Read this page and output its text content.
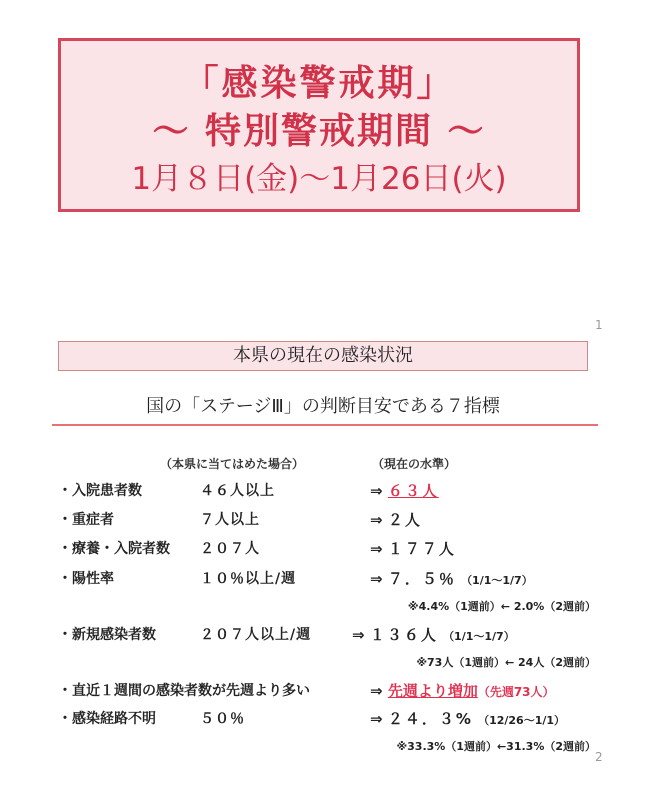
「感染警戒期」
～ 特別警戒期間 ～
1月８日(金)～1月26日(火)
1
本県の現在の感染状況
国の「ステージⅢ」の判断目安である７指標
（本県に当てはめた場合）	（現在の水準）
・入院患者数	４６人以上	⇒ ６３人
・重症者	７人以上	⇒ ２人
・療養・入院者数 ２０７人	⇒ １７７人
・陽性率	１０％以上/週	⇒ ７．５％ （1/1～1/7）
※4.4%（1週前）← 2.0%（2週前）
・新規感染者数	２０７人以上/週	⇒ １３６人 （1/1～1/7）
※73人（1週前）← 24人（2週前）
・直近１週間の感染者数が先週より多い	⇒ 先週より増加（先週73人）
・感染経路不明	５０％	⇒ ２４．３% （12/26～1/1）
※33.3%（1週前）←31.3%（2週前）
2
